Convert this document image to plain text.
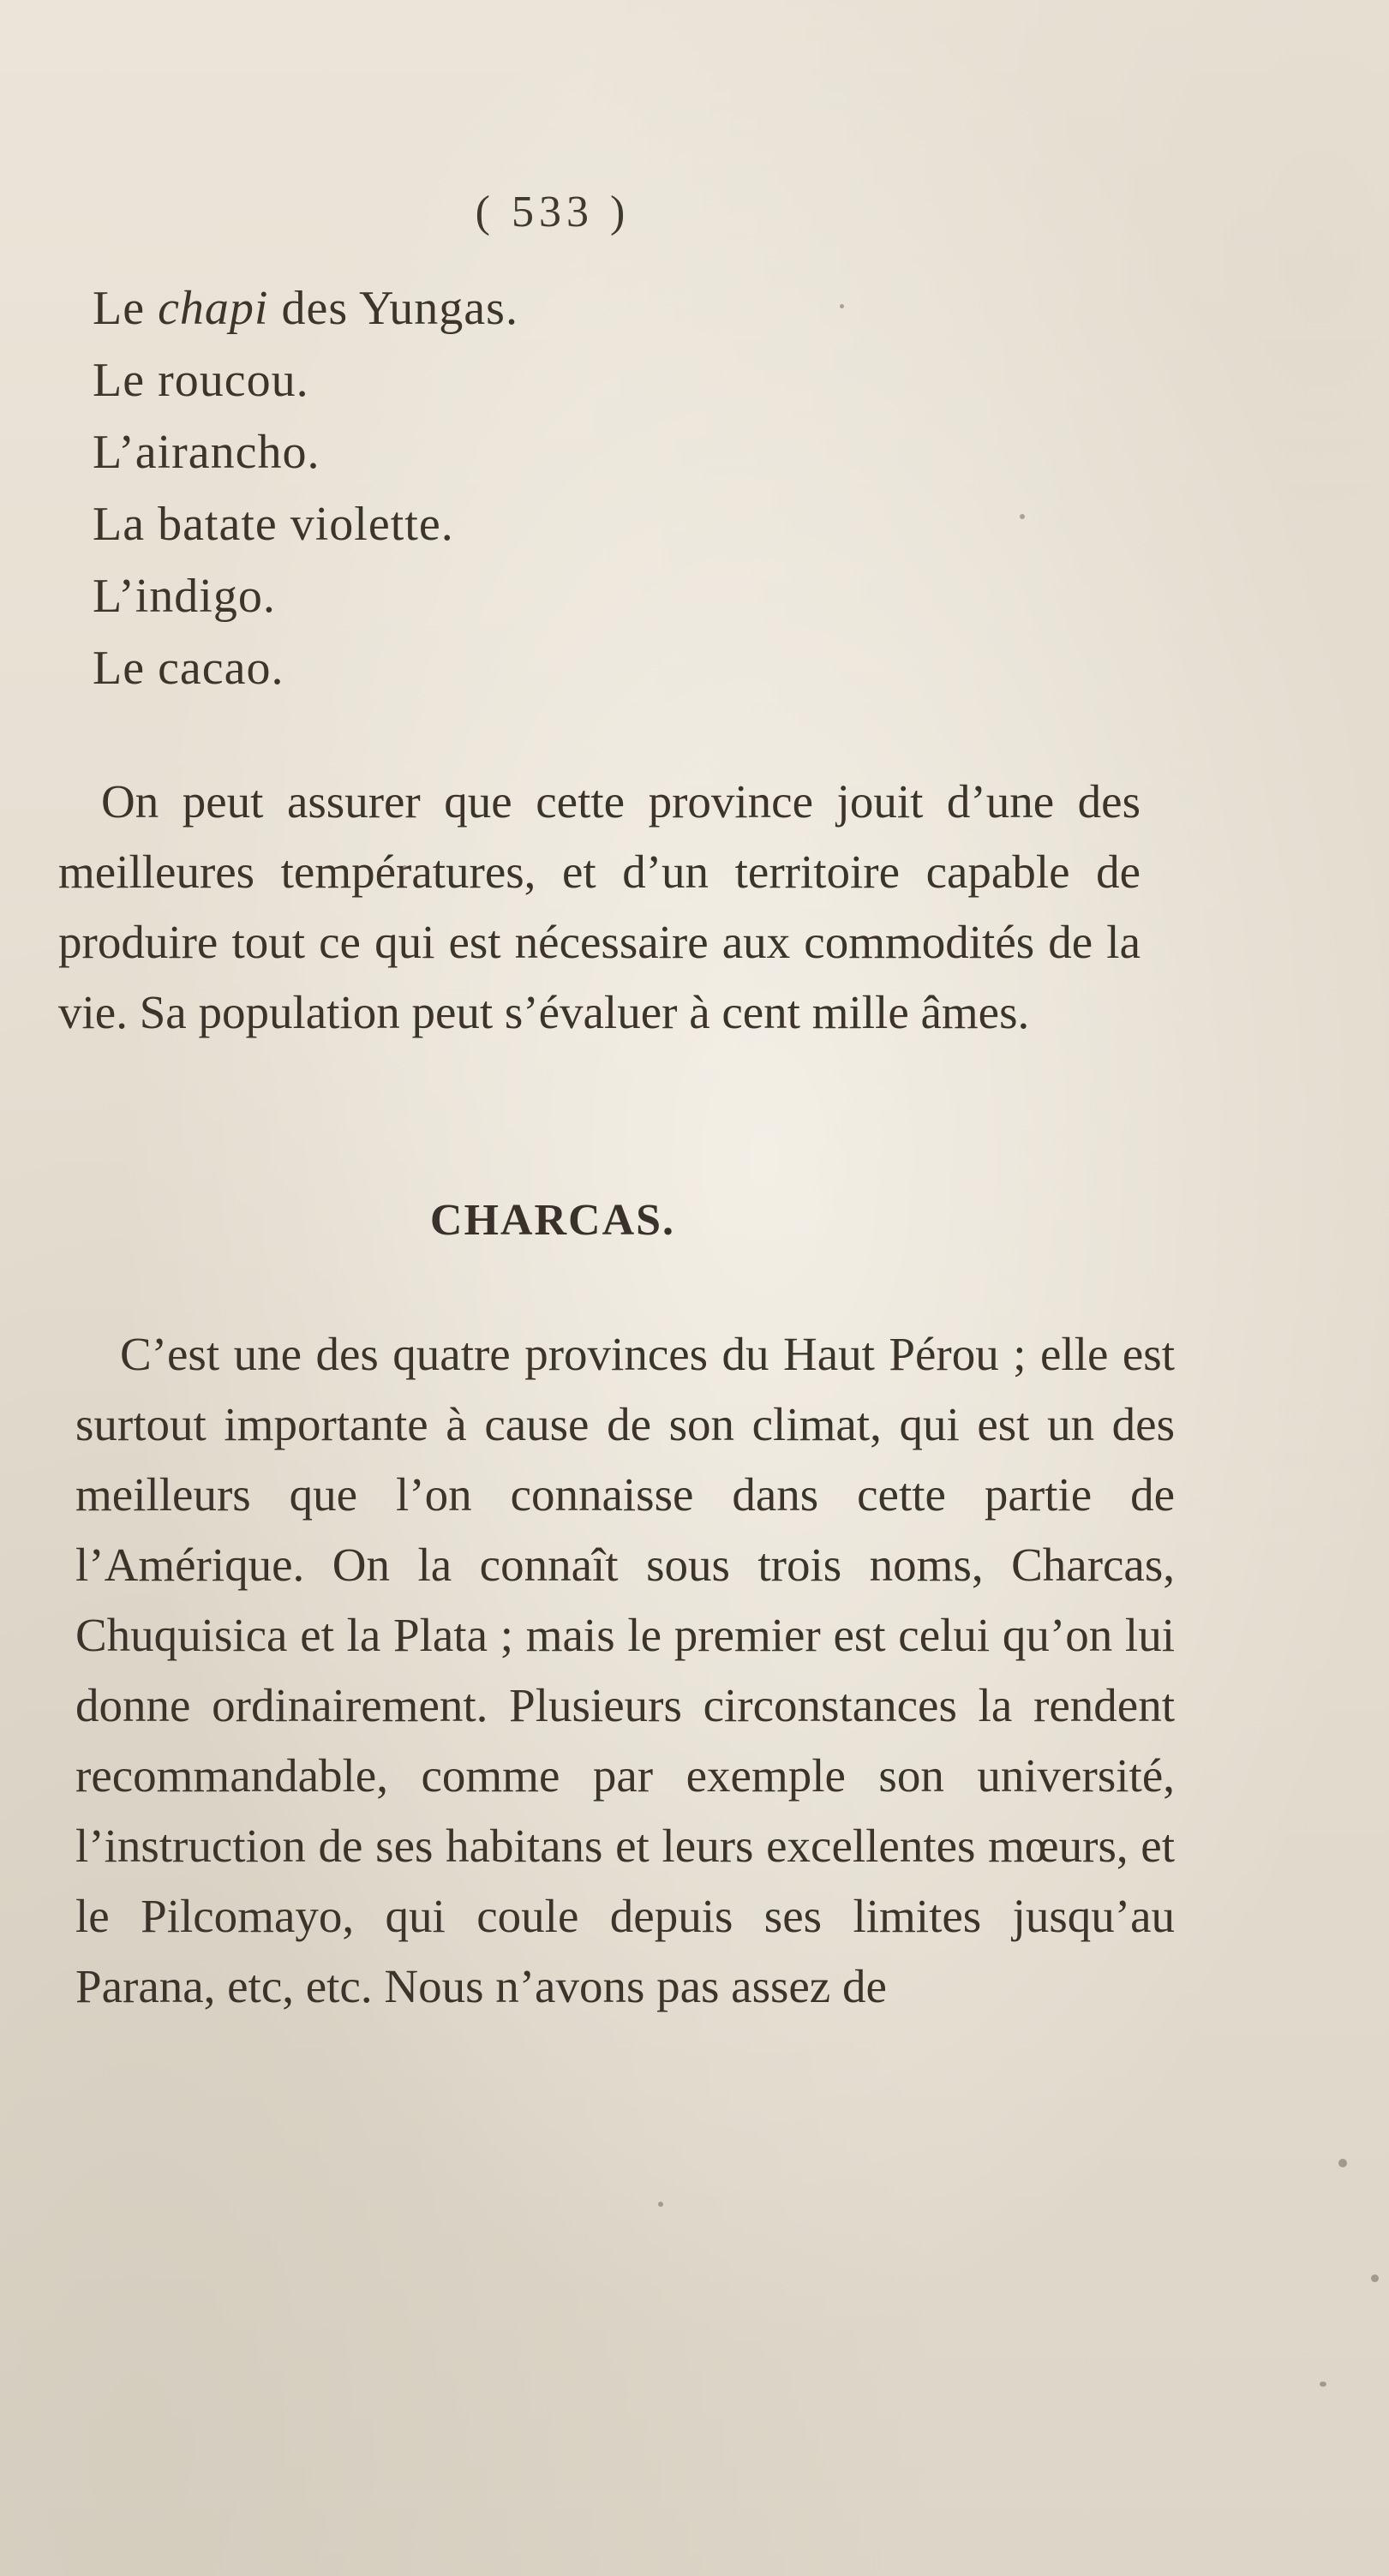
( 533 )
Le chapi des Yungas.
Le roucou.
L’airancho.
La batate violette.
L’indigo.
Le cacao.

On peut assurer que cette province jouit d’une des meilleures températures, et d’un territoire capable de produire tout ce qui est nécessaire aux commodités de la vie. Sa population peut s’évaluer à cent mille âmes.

CHARCAS.

C’est une des quatre provinces du Haut Pérou ; elle est surtout importante à cause de son climat, qui est un des meilleurs que l’on connaisse dans cette partie de l’Amérique. On la connaît sous trois noms, Charcas, Chuquisica et la Plata ; mais le premier est celui qu’on lui donne ordinairement. Plusieurs circonstances la rendent recommandable, comme par exemple son université, l’instruction de ses habitans et leurs excellentes mœurs, et le Pilcomayo, qui coule depuis ses limites jusqu’au Parana, etc, etc. Nous n’avons pas assez de
